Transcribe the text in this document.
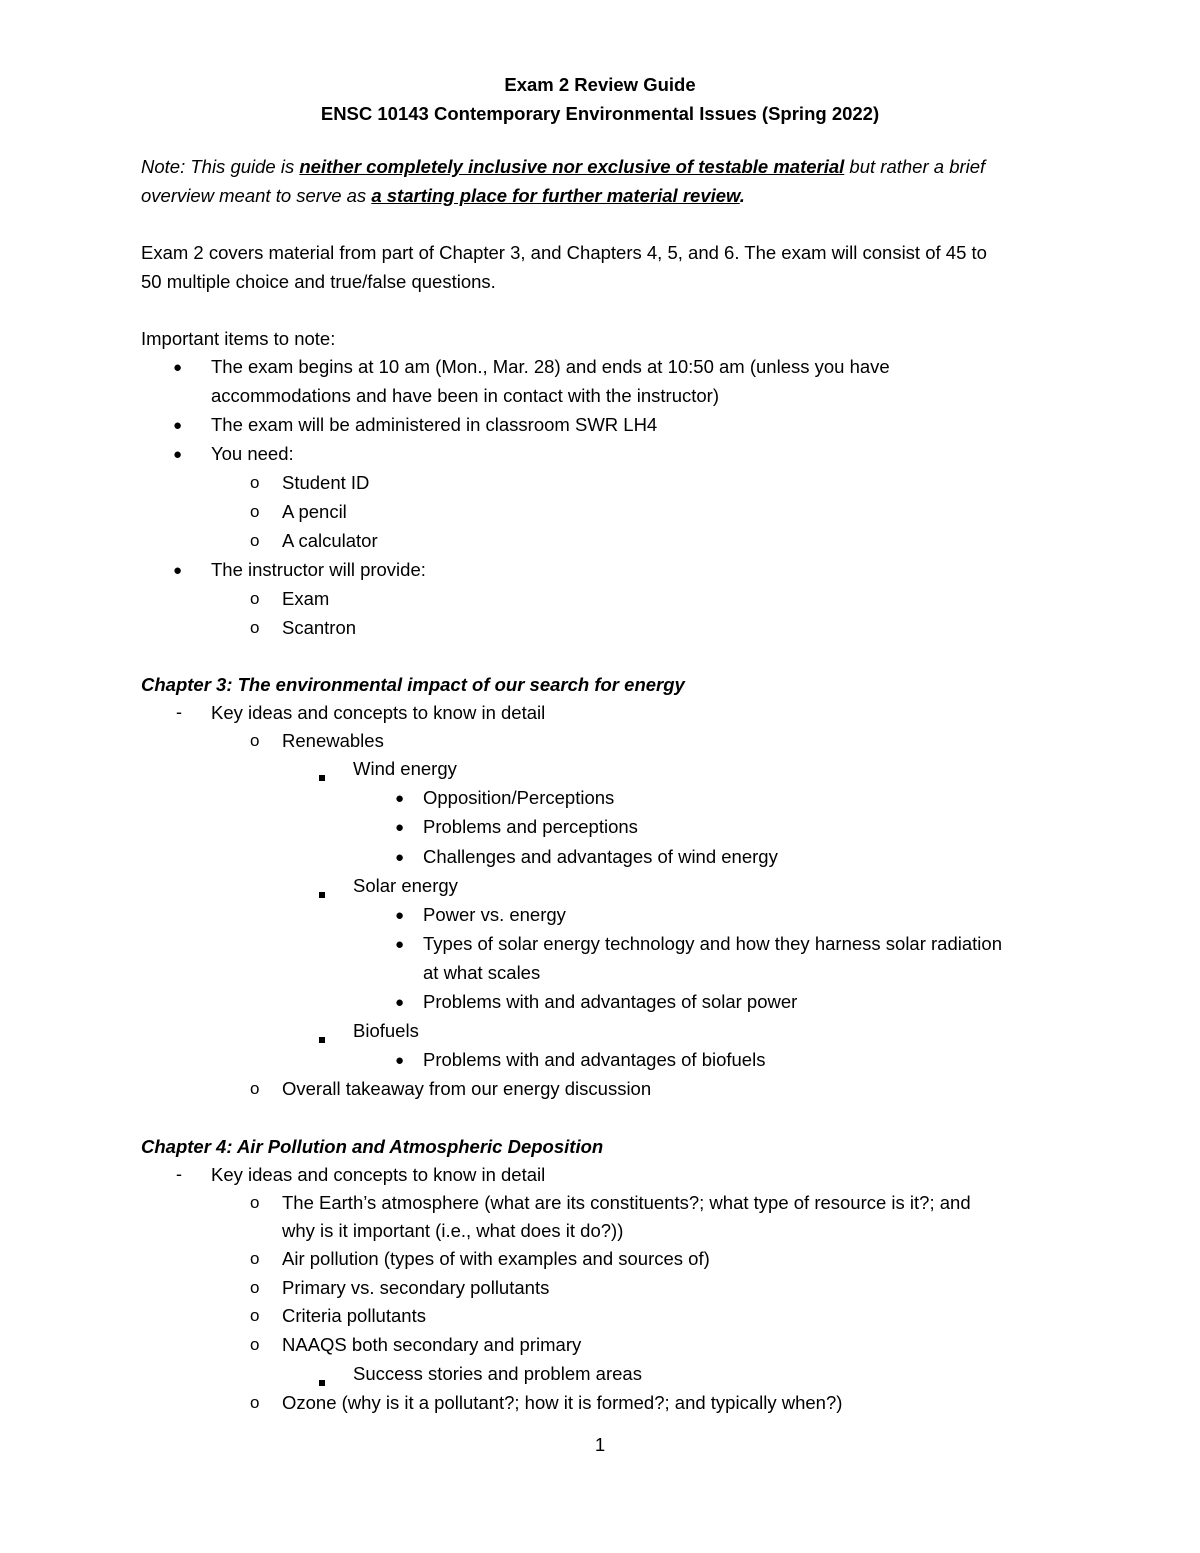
Exam 2 Review Guide
ENSC 10143 Contemporary Environmental Issues (Spring 2022)
Note: This guide is neither completely inclusive nor exclusive of testable material but rather a brief
overview meant to serve as a starting place for further material review.
Exam 2 covers material from part of Chapter 3, and Chapters 4, 5, and 6. The exam will consist of 45 to
50 multiple choice and true/false questions.
Important items to note:
● The exam begins at 10 am (Mon., Mar. 28) and ends at 10:50 am (unless you have
accommodations and have been in contact with the instructor)
● The exam will be administered in classroom SWR LH4
● You need:
o Student ID
o A pencil
o A calculator
● The instructor will provide:
o Exam
o Scantron
Chapter 3: The environmental impact of our search for energy
- Key ideas and concepts to know in detail
o Renewables
Wind energy
● Opposition/Perceptions
● Problems and perceptions
● Challenges and advantages of wind energy
Solar energy
● Power vs. energy
● Types of solar energy technology and how they harness solar radiation
at what scales
● Problems with and advantages of solar power
Biofuels
● Problems with and advantages of biofuels
o Overall takeaway from our energy discussion
Chapter 4: Air Pollution and Atmospheric Deposition
- Key ideas and concepts to know in detail
o The Earth’s atmosphere (what are its constituents?; what type of resource is it?; and
why is it important (i.e., what does it do?))
o Air pollution (types of with examples and sources of)
o Primary vs. secondary pollutants
o Criteria pollutants
o NAAQS both secondary and primary
Success stories and problem areas
o Ozone (why is it a pollutant?; how it is formed?; and typically when?)
1
